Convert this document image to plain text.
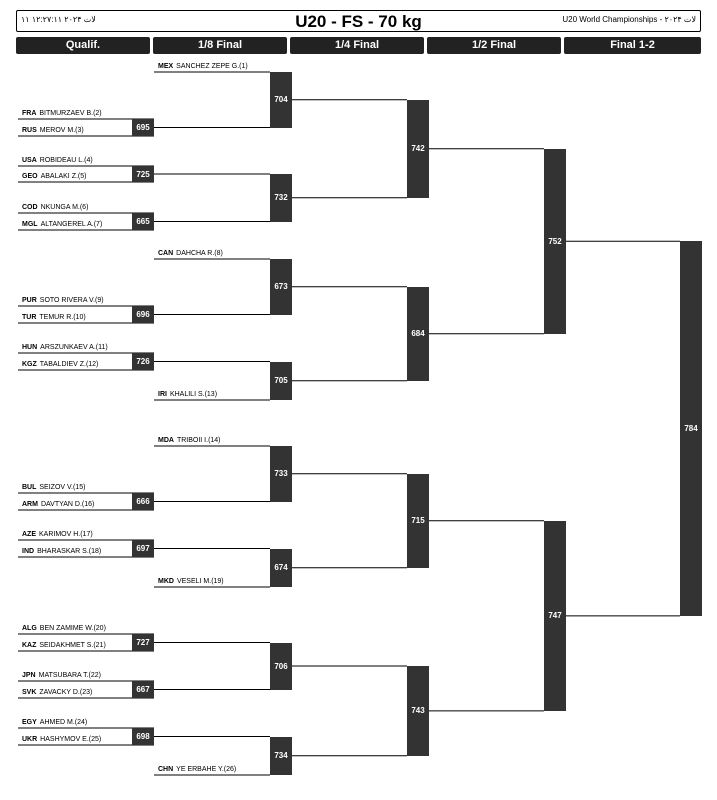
لات ۲۰۲۴ ۱۲:۲۷:۱۱ ۱۱	U20 - FS - 70 kg	U20 World Championships - ۲۰۲۴ لات
Qualif.	1/8 Final	1/4 Final	1/2 Final	Final 1-2
MEX SANCHEZ ZEPE G.(1)
FRA BITMURZAEV B.(2)
RUS MEROV M.(3)
USA ROBIDEAU L.(4)
GEO ABALAKI Z.(5)
COD NKUNGA M.(6)
MGL ALTANGEREL A.(7)
CAN DAHCHA R.(8)
PUR SOTO RIVERA V.(9)
TUR TEMUR R.(10)
HUN ARSZUNKAEV A.(11)
KGZ TABALDIEV Z.(12)
IRI KHALILI S.(13)
MDA TRIBOII I.(14)
BUL SEIZOV V.(15)
ARM DAVTYAN D.(16)
AZE KARIMOV H.(17)
IND BHARASKAR S.(18)
MKD VESELI M.(19)
ALG BEN ZAMIME W.(20)
KAZ SEIDAKHMET S.(21)
JPN MATSUBARA T.(22)
SVK ZAVACKY D.(23)
EGY AHMED M.(24)
UKR HASHYMOV E.(25)
CHN YE ERBAHE Y.(26)
695
725
665
696
726
666
697
727
667
698
704
732
673
705
733
674
706
734
742
684
715
743
752
747
784
